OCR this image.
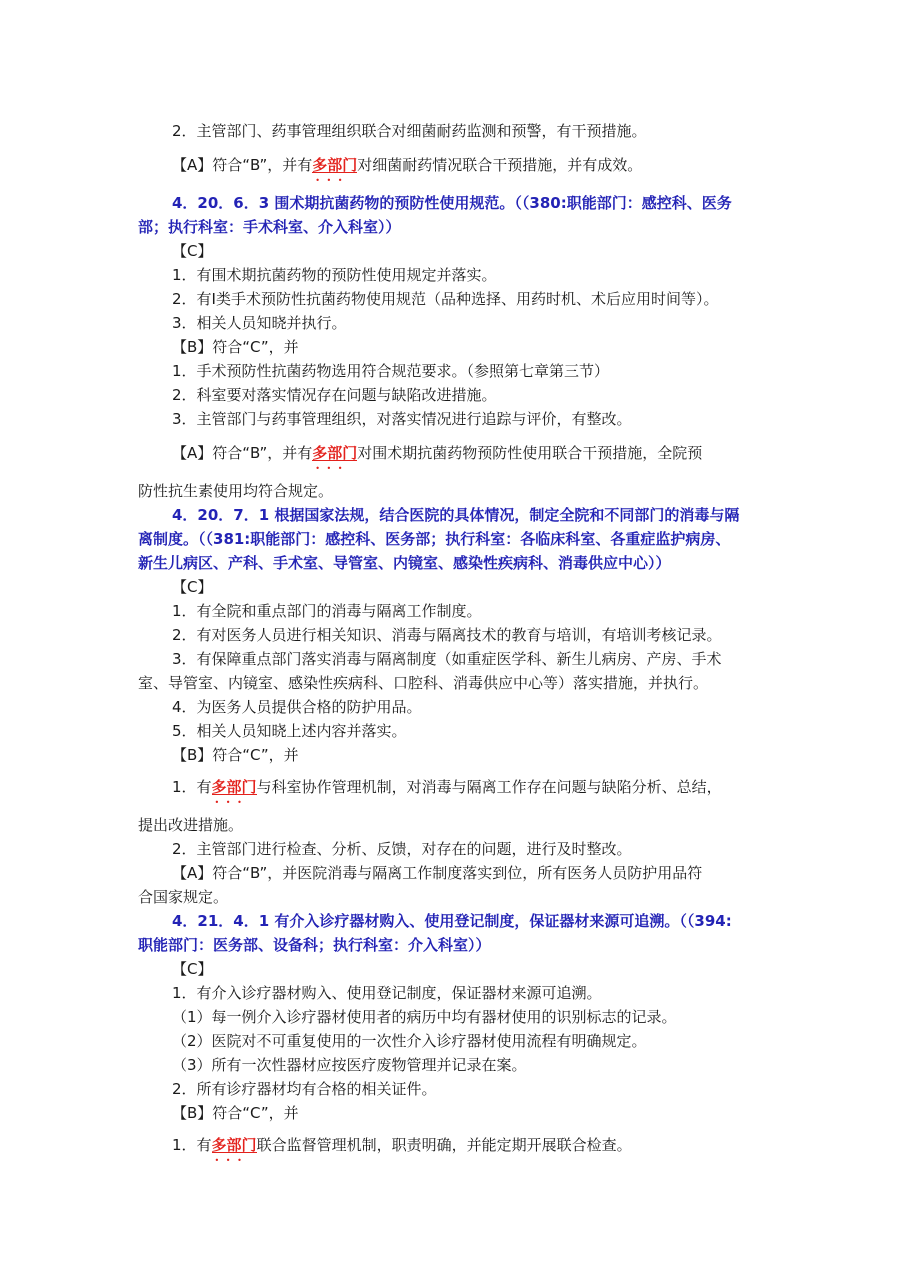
2．主管部门、药事管理组织联合对细菌耐药监测和预警，有干预措施。
【A】符合“B”，并有多部门
• • •对细菌耐药情况联合干预措施，并有成效。
4．20．6．3 围术期抗菌药物的预防性使用规范。（（380:职能部门：感控科、医务
部；执行科室：手术科室、介入科室））
【C】
1．有围术期抗菌药物的预防性使用规定并落实。
2．有Ⅰ类手术预防性抗菌药物使用规范（品种选择、用药时机、术后应用时间等）。
3．相关人员知晓并执行。
【B】符合“C”，并
1．手术预防性抗菌药物选用符合规范要求。（参照第七章第三节）
2．科室要对落实情况存在问题与缺陷改进措施。
3．主管部门与药事管理组织，对落实情况进行追踪与评价，有整改。
【A】符合“B”，并有多部门
• • •对围术期抗菌药物预防性使用联合干预措施，全院预
防性抗生素使用均符合规定。
4．20．7．1 根据国家法规，结合医院的具体情况，制定全院和不同部门的消毒与隔
离制度。（（381:职能部门：感控科、医务部；执行科室：各临床科室、各重症监护病房、
新生儿病区、产科、手术室、导管室、内镜室、感染性疾病科、消毒供应中心））
【C】
1．有全院和重点部门的消毒与隔离工作制度。
2．有对医务人员进行相关知识、消毒与隔离技术的教育与培训，有培训考核记录。
3．有保障重点部门落实消毒与隔离制度（如重症医学科、新生儿病房、产房、手术
室、导管室、内镜室、感染性疾病科、口腔科、消毒供应中心等）落实措施，并执行。
4．为医务人员提供合格的防护用品。
5．相关人员知晓上述内容并落实。
【B】符合“C”，并
1．有多部门
• • •与科室协作管理机制，对消毒与隔离工作存在问题与缺陷分析、总结，
提出改进措施。
2．主管部门进行检查、分析、反馈，对存在的问题，进行及时整改。
【A】符合“B”，并医院消毒与隔离工作制度落实到位，所有医务人员防护用品符
合国家规定。
4．21．4．1 有介入诊疗器材购入、使用登记制度，保证器材来源可追溯。（（394:
职能部门：医务部、设备科；执行科室：介入科室））
【C】
1．有介入诊疗器材购入、使用登记制度，保证器材来源可追溯。
（1）每一例介入诊疗器材使用者的病历中均有器材使用的识别标志的记录。
（2）医院对不可重复使用的一次性介入诊疗器材使用流程有明确规定。
（3）所有一次性器材应按医疗废物管理并记录在案。
2．所有诊疗器材均有合格的相关证件。
【B】符合“C”，并
1．有多部门
• • •联合监督管理机制，职责明确，并能定期开展联合检查。
